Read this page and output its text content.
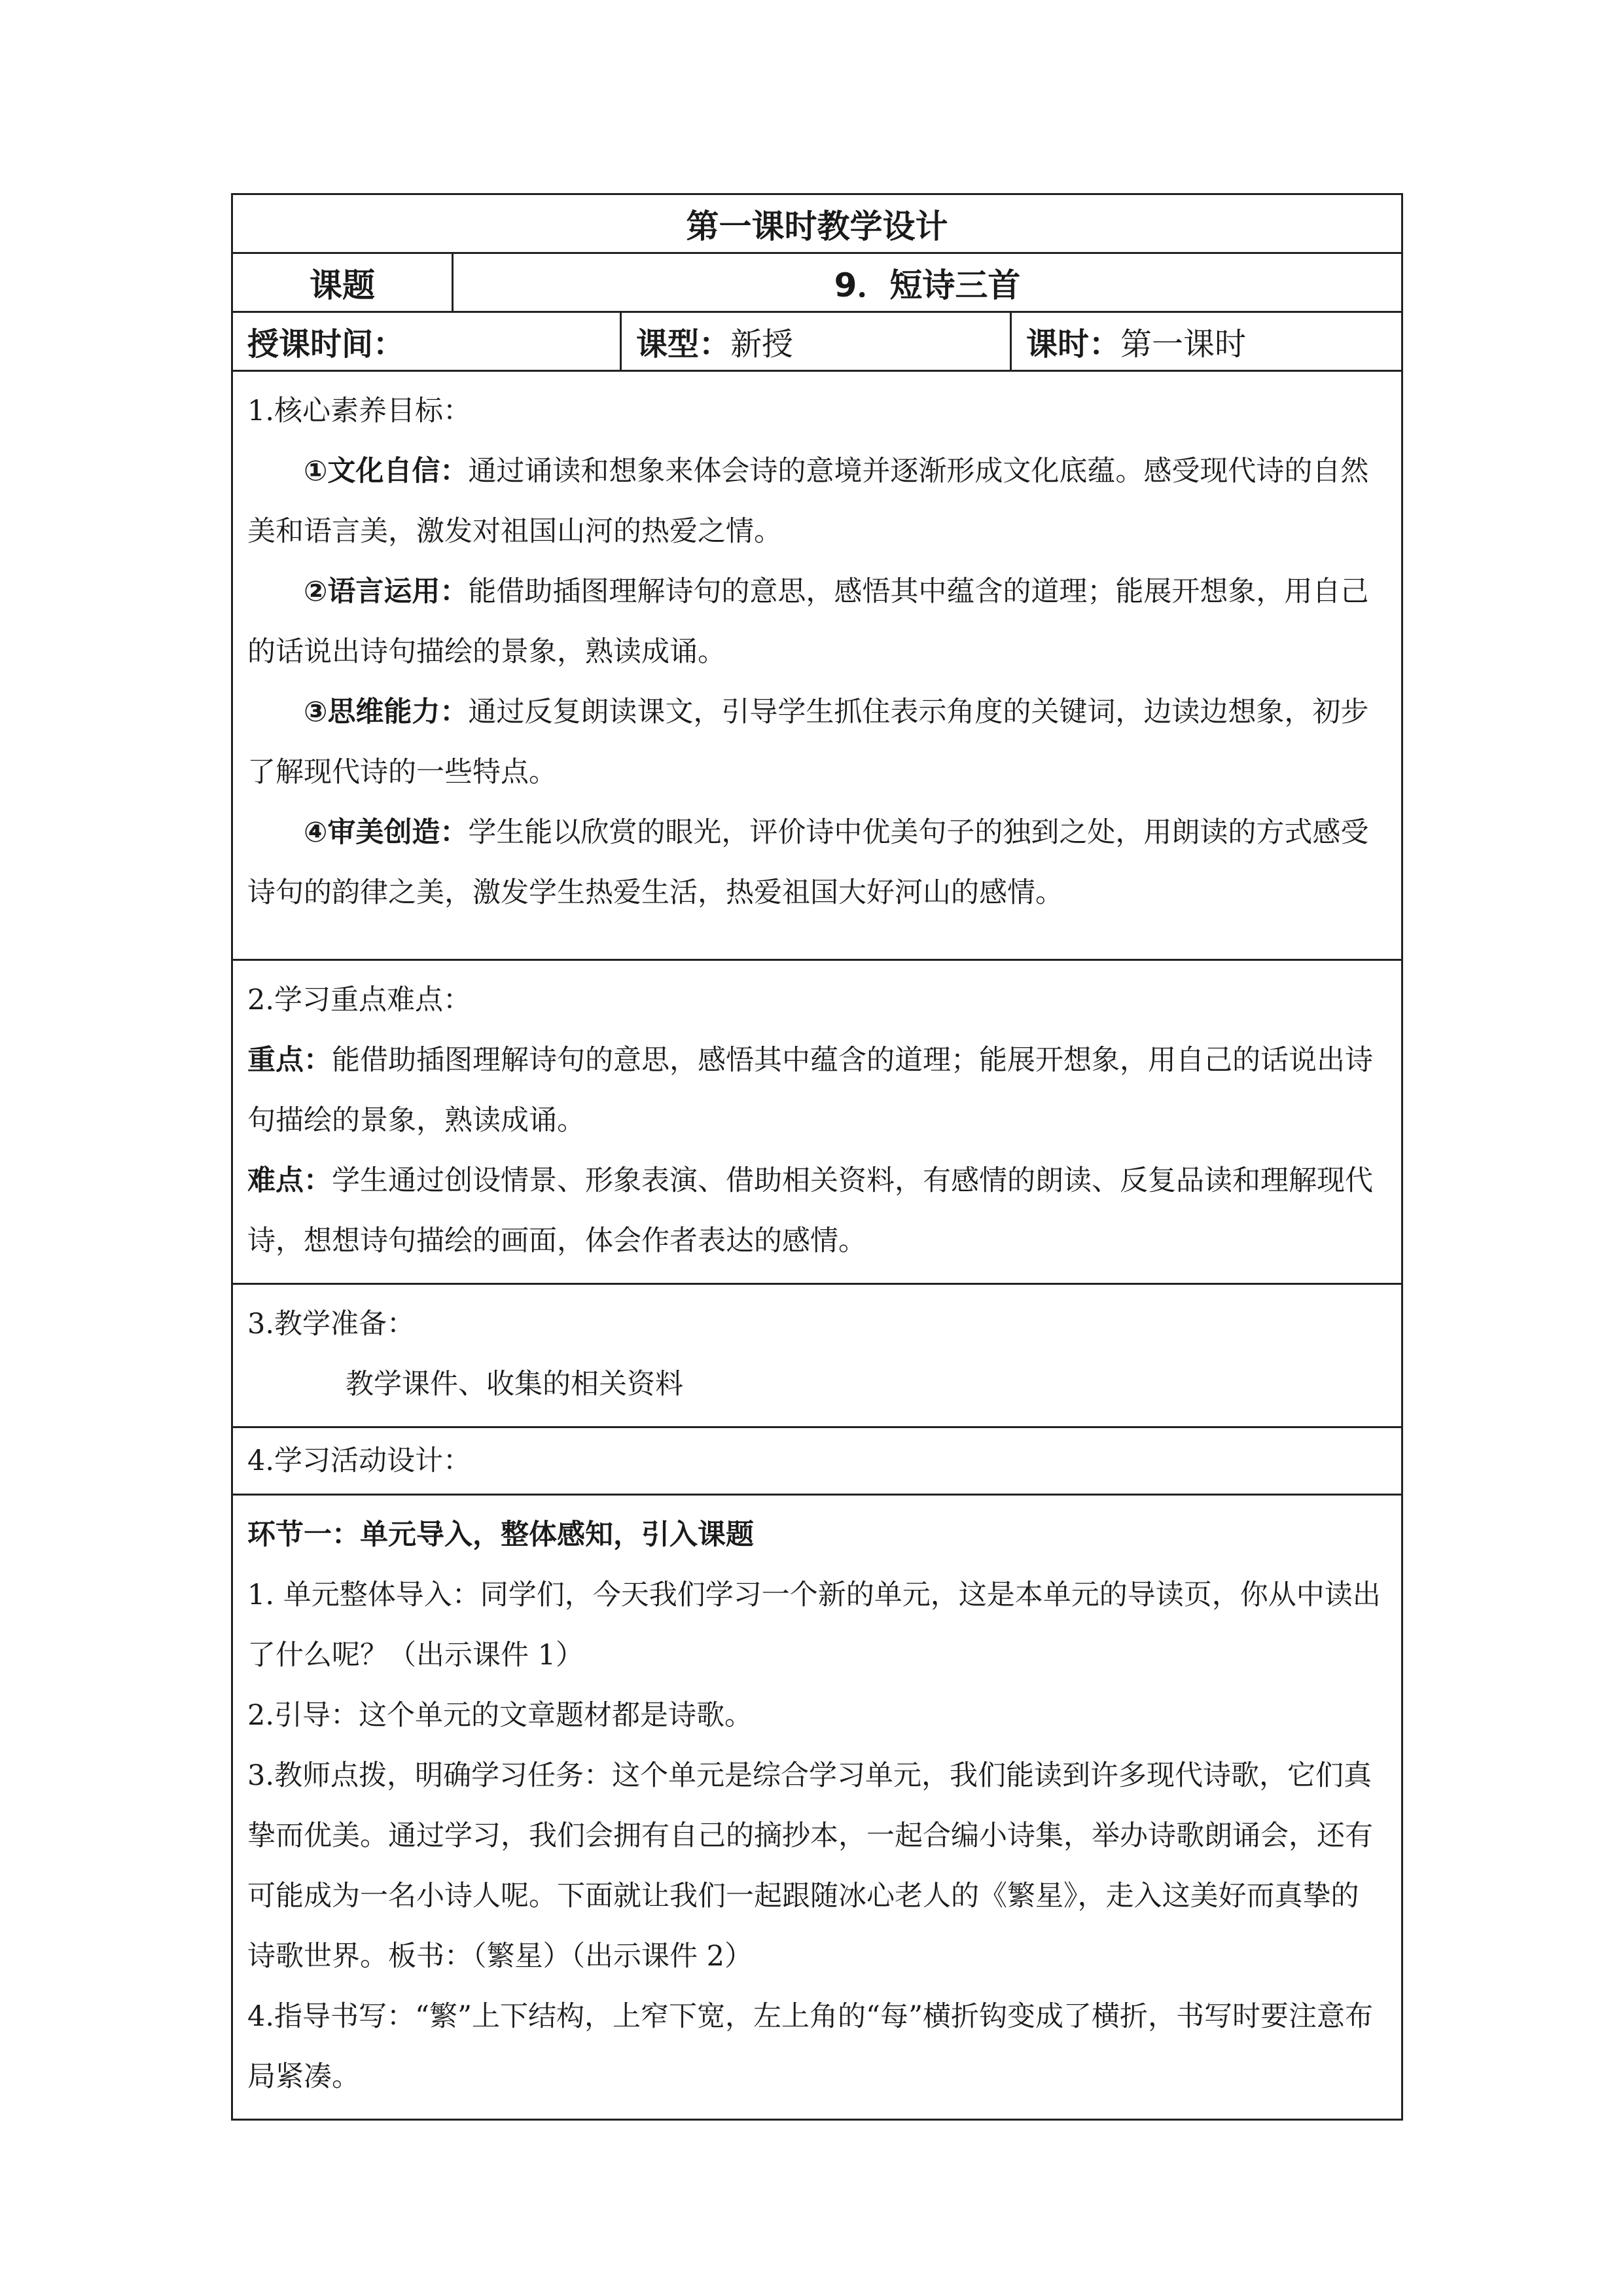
第一课时教学设计			
课题	9．短诗三首		
授课时间：		课型：新授	课时：第一课时

1.核心素养目标：

①文化自信：通过诵读和想象来体会诗的意境并逐渐形成文化底蕴。感受现代诗的自然美和语言美，激发对祖国山河的热爱之情。

②语言运用：能借助插图理解诗句的意思，感悟其中蕴含的道理；能展开想象，用自己的话说出诗句描绘的景象，熟读成诵。

③思维能力：通过反复朗读课文，引导学生抓住表示角度的关键词，边读边想象，初步了解现代诗的一些特点。

④审美创造：学生能以欣赏的眼光，评价诗中优美句子的独到之处，用朗读的方式感受诗句的韵律之美，激发学生热爱生活，热爱祖国大好河山的感情。			

2.学习重点难点：

重点：能借助插图理解诗句的意思，感悟其中蕴含的道理；能展开想象，用自己的话说出诗句描绘的景象，熟读成诵。

难点：学生通过创设情景、形象表演、借助相关资料，有感情的朗读、反复品读和理解现代诗，想想诗句描绘的画面，体会作者表达的感情。			

3.教学准备：

教学课件、收集的相关资料			

4.学习活动设计：			

环节一：单元导入，整体感知，引入课题

1. 单元整体导入：同学们，今天我们学习一个新的单元，这是本单元的导读页，你从中读出了什么呢？（出示课件 1）

2.引导：这个单元的文章题材都是诗歌。

3.教师点拨，明确学习任务：这个单元是综合学习单元，我们能读到许多现代诗歌，它们真挚而优美。通过学习，我们会拥有自己的摘抄本，一起合编小诗集，举办诗歌朗诵会，还有可能成为一名小诗人呢。下面就让我们一起跟随冰心老人的《繁星》，走入这美好而真挚的诗歌世界。板书：（繁星）（出示课件 2）

4.指导书写：“繁”上下结构，上窄下宽，左上角的“每”横折钩变成了横折，书写时要注意布局紧凑。			
